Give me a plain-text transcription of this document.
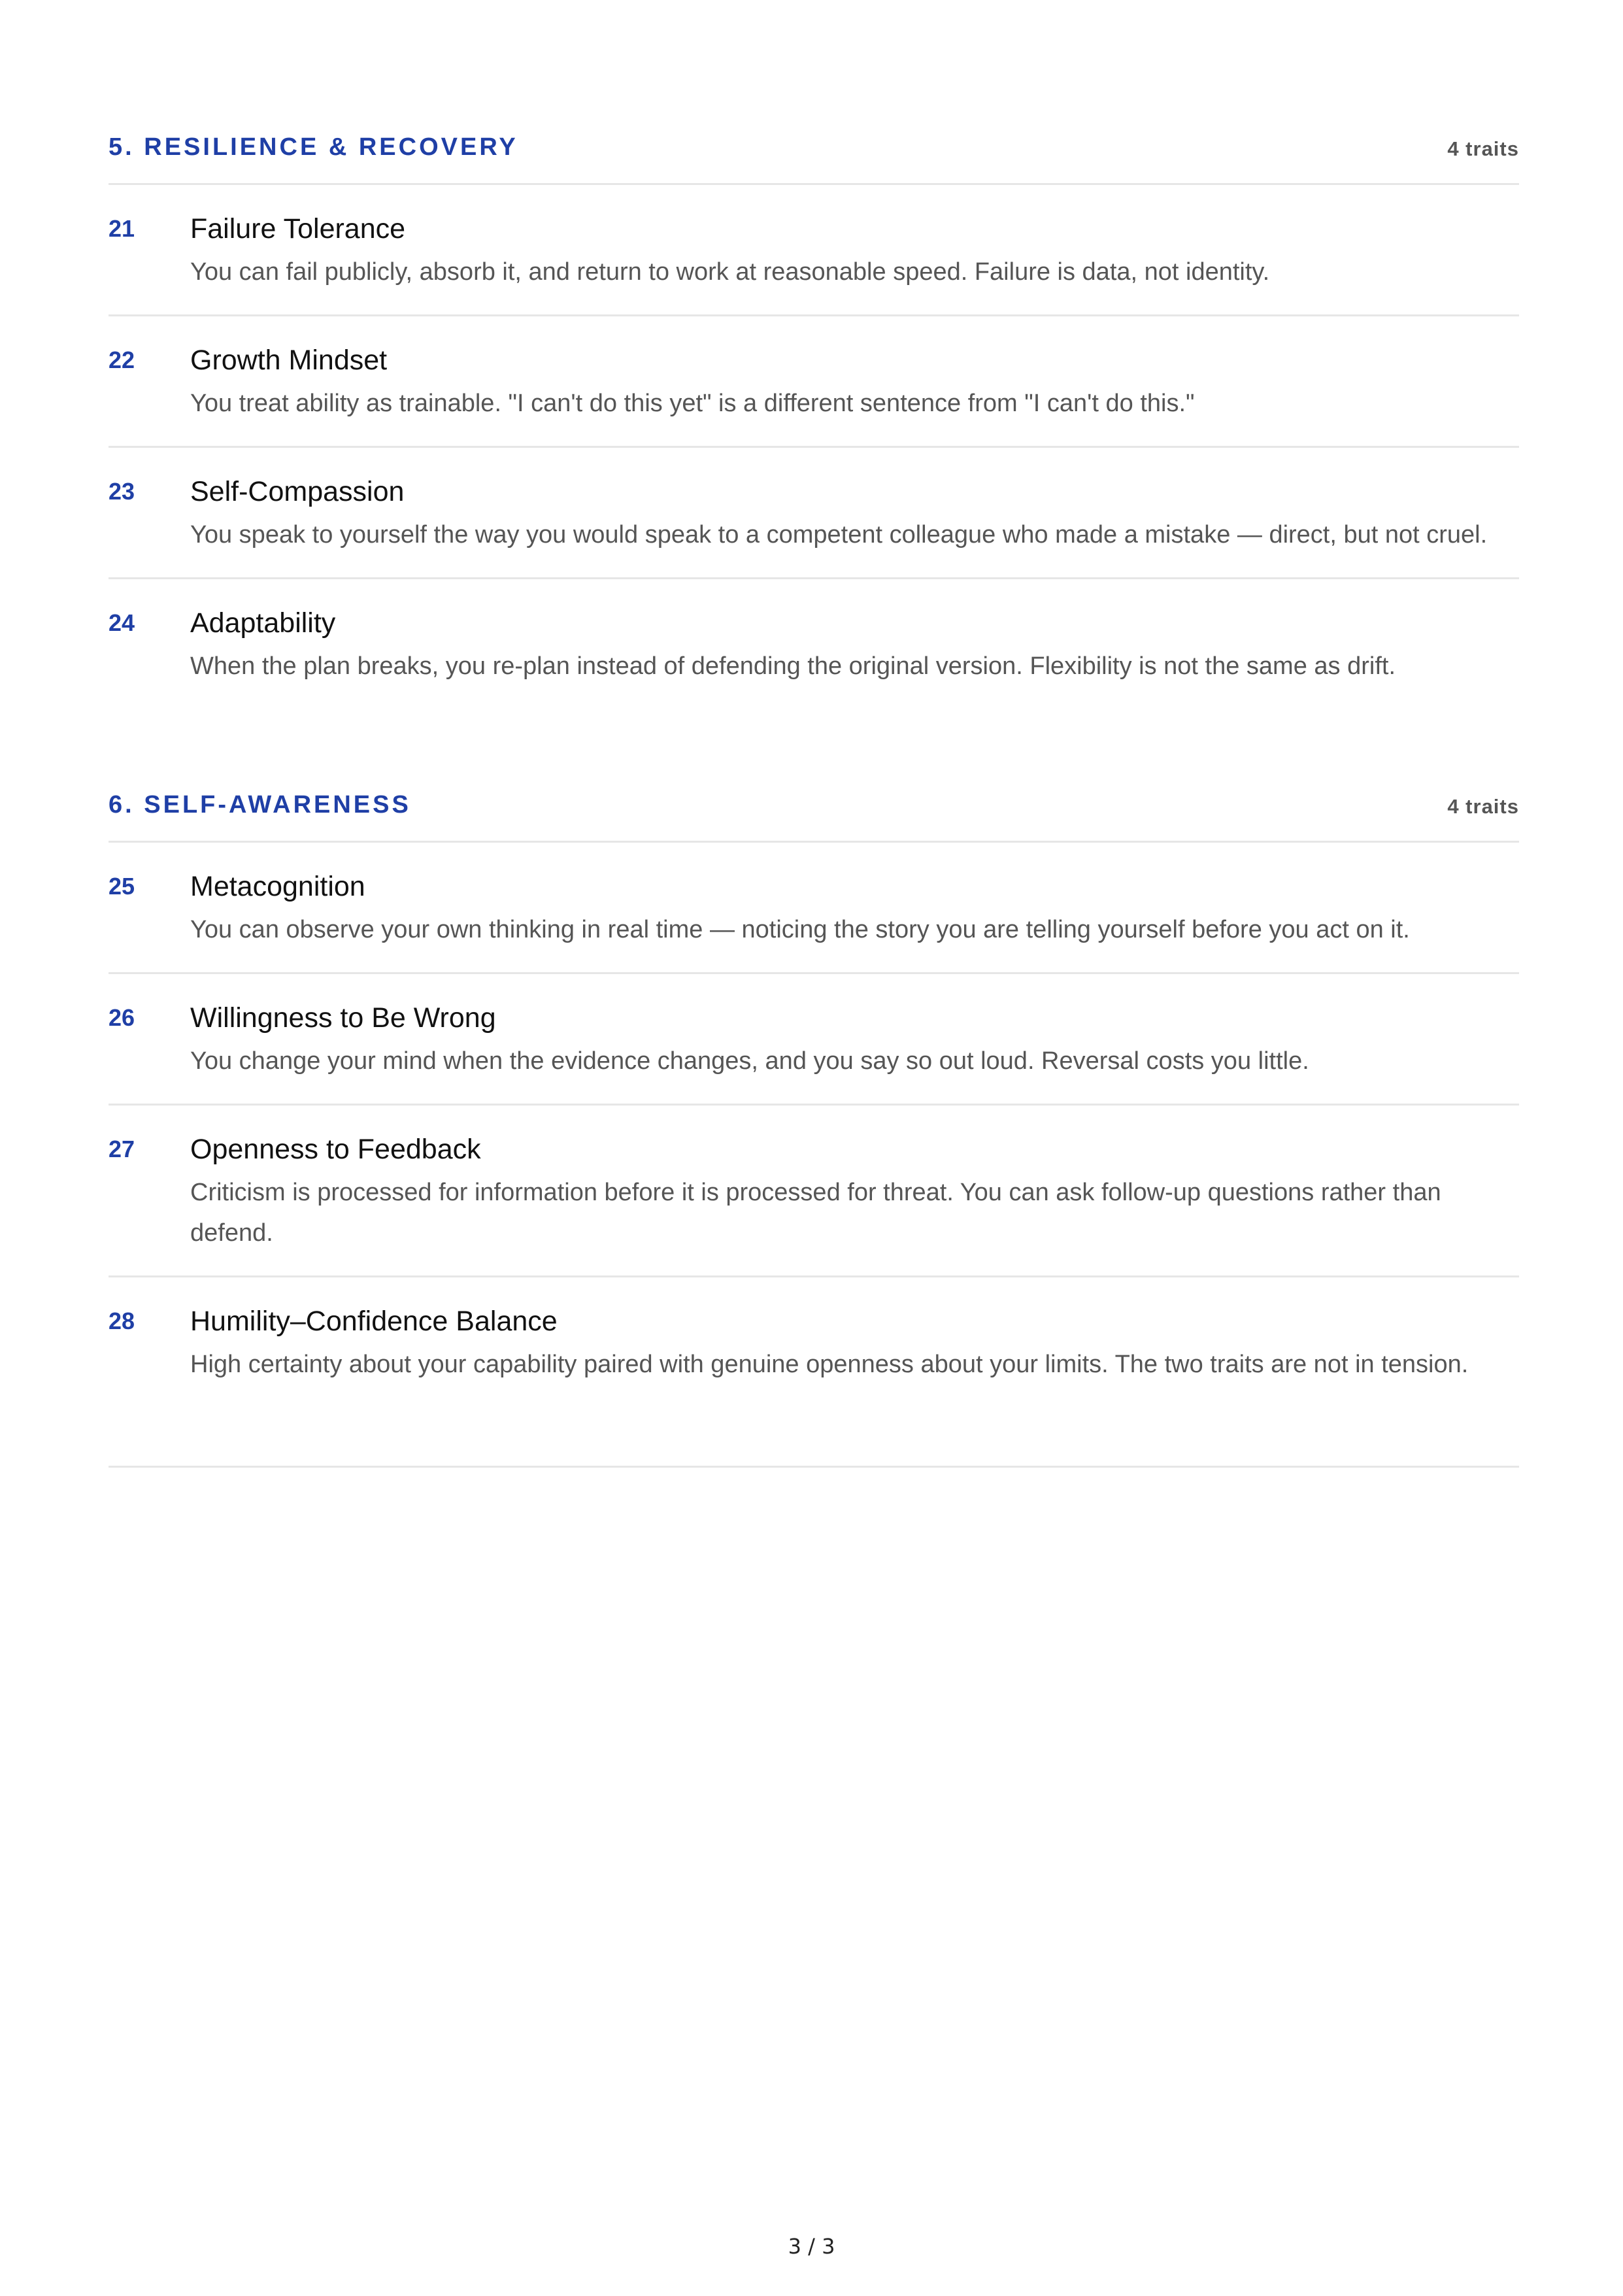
5. RESILIENCE & RECOVERY	4 traits
21	Failure Tolerance
You can fail publicly, absorb it, and return to work at reasonable speed. Failure is data, not identity.
22	Growth Mindset
You treat ability as trainable. "I can't do this yet" is a different sentence from "I can't do this."
23	Self-Compassion
You speak to yourself the way you would speak to a competent colleague who made a mistake — direct, but not cruel.
24	Adaptability
When the plan breaks, you re-plan instead of defending the original version. Flexibility is not the same as drift.
6. SELF-AWARENESS	4 traits
25	Metacognition
You can observe your own thinking in real time — noticing the story you are telling yourself before you act on it.
26	Willingness to Be Wrong
You change your mind when the evidence changes, and you say so out loud. Reversal costs you little.
27	Openness to Feedback
Criticism is processed for information before it is processed for threat. You can ask follow-up questions rather than defend.
28	Humility–Confidence Balance
High certainty about your capability paired with genuine openness about your limits. The two traits are not in tension.
3 / 3
